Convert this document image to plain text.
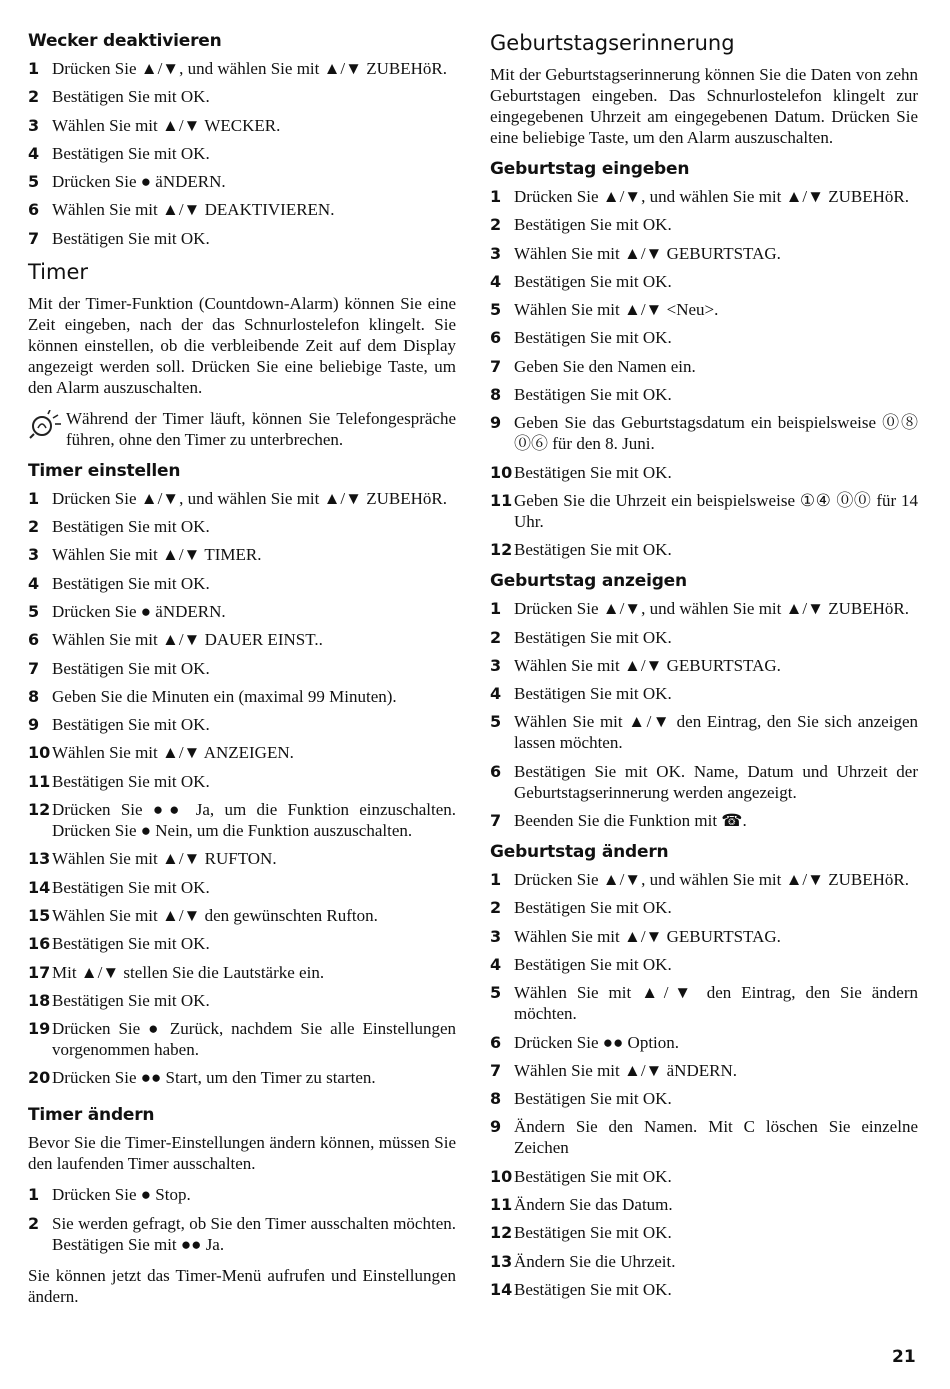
Wecker deaktivieren
1 Drücken Sie ▲/▼, und wählen Sie mit ▲/▼ ZUBEHöR.
2 Bestätigen Sie mit OK.
3 Wählen Sie mit ▲/▼ WECKER.
4 Bestätigen Sie mit OK.
5 Drücken Sie ● äNDERN.
6 Wählen Sie mit ▲/▼ DEAKTIVIEREN.
7 Bestätigen Sie mit OK.
Timer

Mit der Timer-Funktion (Countdown-Alarm) können Sie eine Zeit eingeben, nach der das Schnurlostelefon klingelt. Sie können einstellen, ob die verbleibende Zeit auf dem Display angezeigt werden soll. Drücken Sie eine beliebige Taste, um den Alarm auszuschalten.

Während der Timer läuft, können Sie Telefongespräche führen, ohne den Timer zu unterbrechen.

Timer einstellen
1 Drücken Sie ▲/▼, und wählen Sie mit ▲/▼ ZUBEHöR.
2 Bestätigen Sie mit OK.
3 Wählen Sie mit ▲/▼ TIMER.
4 Bestätigen Sie mit OK.
5 Drücken Sie ● äNDERN.
6 Wählen Sie mit ▲/▼ DAUER EINST..
7 Bestätigen Sie mit OK.
8 Geben Sie die Minuten ein (maximal 99 Minuten).
9 Bestätigen Sie mit OK.
10 Wählen Sie mit ▲/▼ ANZEIGEN.
11 Bestätigen Sie mit OK.
12 Drücken Sie ●● Ja, um die Funktion einzuschalten. Drücken Sie ● Nein, um die Funktion auszuschalten.
13 Wählen Sie mit ▲/▼ RUFTON.
14 Bestätigen Sie mit OK.
15 Wählen Sie mit ▲/▼ den gewünschten Rufton.
16 Bestätigen Sie mit OK.
17 Mit ▲/▼ stellen Sie die Lautstärke ein.
18 Bestätigen Sie mit OK.
19 Drücken Sie ● Zurück, nachdem Sie alle Einstellungen vorgenommen haben.
20 Drücken Sie ●● Start, um den Timer zu starten.
Timer ändern

Bevor Sie die Timer-Einstellungen ändern können, müssen Sie den laufenden Timer ausschalten.

1 Drücken Sie ● Stop.
2 Sie werden gefragt, ob Sie den Timer ausschalten möchten. Bestätigen Sie mit ●● Ja.

Sie können jetzt das Timer-Menü aufrufen und Einstellungen ändern.

Geburtstagserinnerung

Mit der Geburtstagserinnerung können Sie die Daten von zehn Geburtstagen eingeben. Das Schnurlostelefon klingelt zur eingegebenen Uhrzeit am eingegebenen Datum. Drücken Sie eine beliebige Taste, um den Alarm auszuschalten.

Geburtstag eingeben
1 Drücken Sie ▲/▼, und wählen Sie mit ▲/▼ ZUBEHöR.
2 Bestätigen Sie mit OK.
3 Wählen Sie mit ▲/▼ GEBURTSTAG.
4 Bestätigen Sie mit OK.
5 Wählen Sie mit ▲/▼ <Neu>.
6 Bestätigen Sie mit OK.
7 Geben Sie den Namen ein.
8 Bestätigen Sie mit OK.
9 Geben Sie das Geburtstagsdatum ein beispielsweise ⓪⑧ ⓪⑥ für den 8. Juni.
10 Bestätigen Sie mit OK.
11 Geben Sie die Uhrzeit ein beispielsweise ①④ ⓪⓪ für 14 Uhr.
12 Bestätigen Sie mit OK.
Geburtstag anzeigen
1 Drücken Sie ▲/▼, und wählen Sie mit ▲/▼ ZUBEHöR.
2 Bestätigen Sie mit OK.
3 Wählen Sie mit ▲/▼ GEBURTSTAG.
4 Bestätigen Sie mit OK.
5 Wählen Sie mit ▲/▼ den Eintrag, den Sie sich anzeigen lassen möchten.
6 Bestätigen Sie mit OK. Name, Datum und Uhrzeit der Geburtstagserinnerung werden angezeigt.
7 Beenden Sie die Funktion mit ☎.
Geburtstag ändern
1 Drücken Sie ▲/▼, und wählen Sie mit ▲/▼ ZUBEHöR.
2 Bestätigen Sie mit OK.
3 Wählen Sie mit ▲/▼ GEBURTSTAG.
4 Bestätigen Sie mit OK.
5 Wählen Sie mit ▲/▼ den Eintrag, den Sie ändern möchten.
6 Drücken Sie ●● Option.
7 Wählen Sie mit ▲/▼ äNDERN.
8 Bestätigen Sie mit OK.
9 Ändern Sie den Namen. Mit C löschen Sie einzelne Zeichen
10 Bestätigen Sie mit OK.
11 Ändern Sie das Datum.
12 Bestätigen Sie mit OK.
13 Ändern Sie die Uhrzeit.
14 Bestätigen Sie mit OK.
21
